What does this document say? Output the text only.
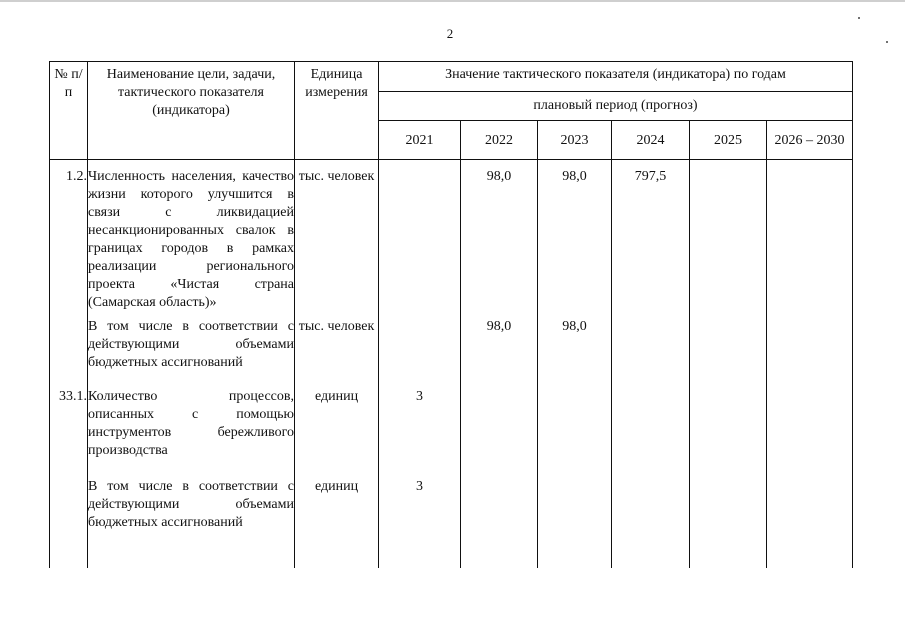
2
№ п/п	Наименование цели, задачи, тактического показателя (индикатора)	Единица измерения	Значение тактического показателя (индикатора) по годам					
			плановый период (прогноз)					
			2021	2022	2023	2024	2025	2026 – 2030
1.2.	Численность населения, качество жизни которого улучшится в связи с ликвидацией несанкционированных свалок в границах городов в рамках реализации регионального проекта «Чистая страна (Самарская область)»	тыс. человек		98,0	98,0	797,5		
	В том числе в соответствии с действующими объемами бюджетных ассигнований	тыс. человек		98,0	98,0			
33.1.	Количество процессов, описанных с помощью инструментов бережливого производства	единиц	3					
	В том числе в соответствии с действующими объемами бюджетных ассигнований	единиц	3					
